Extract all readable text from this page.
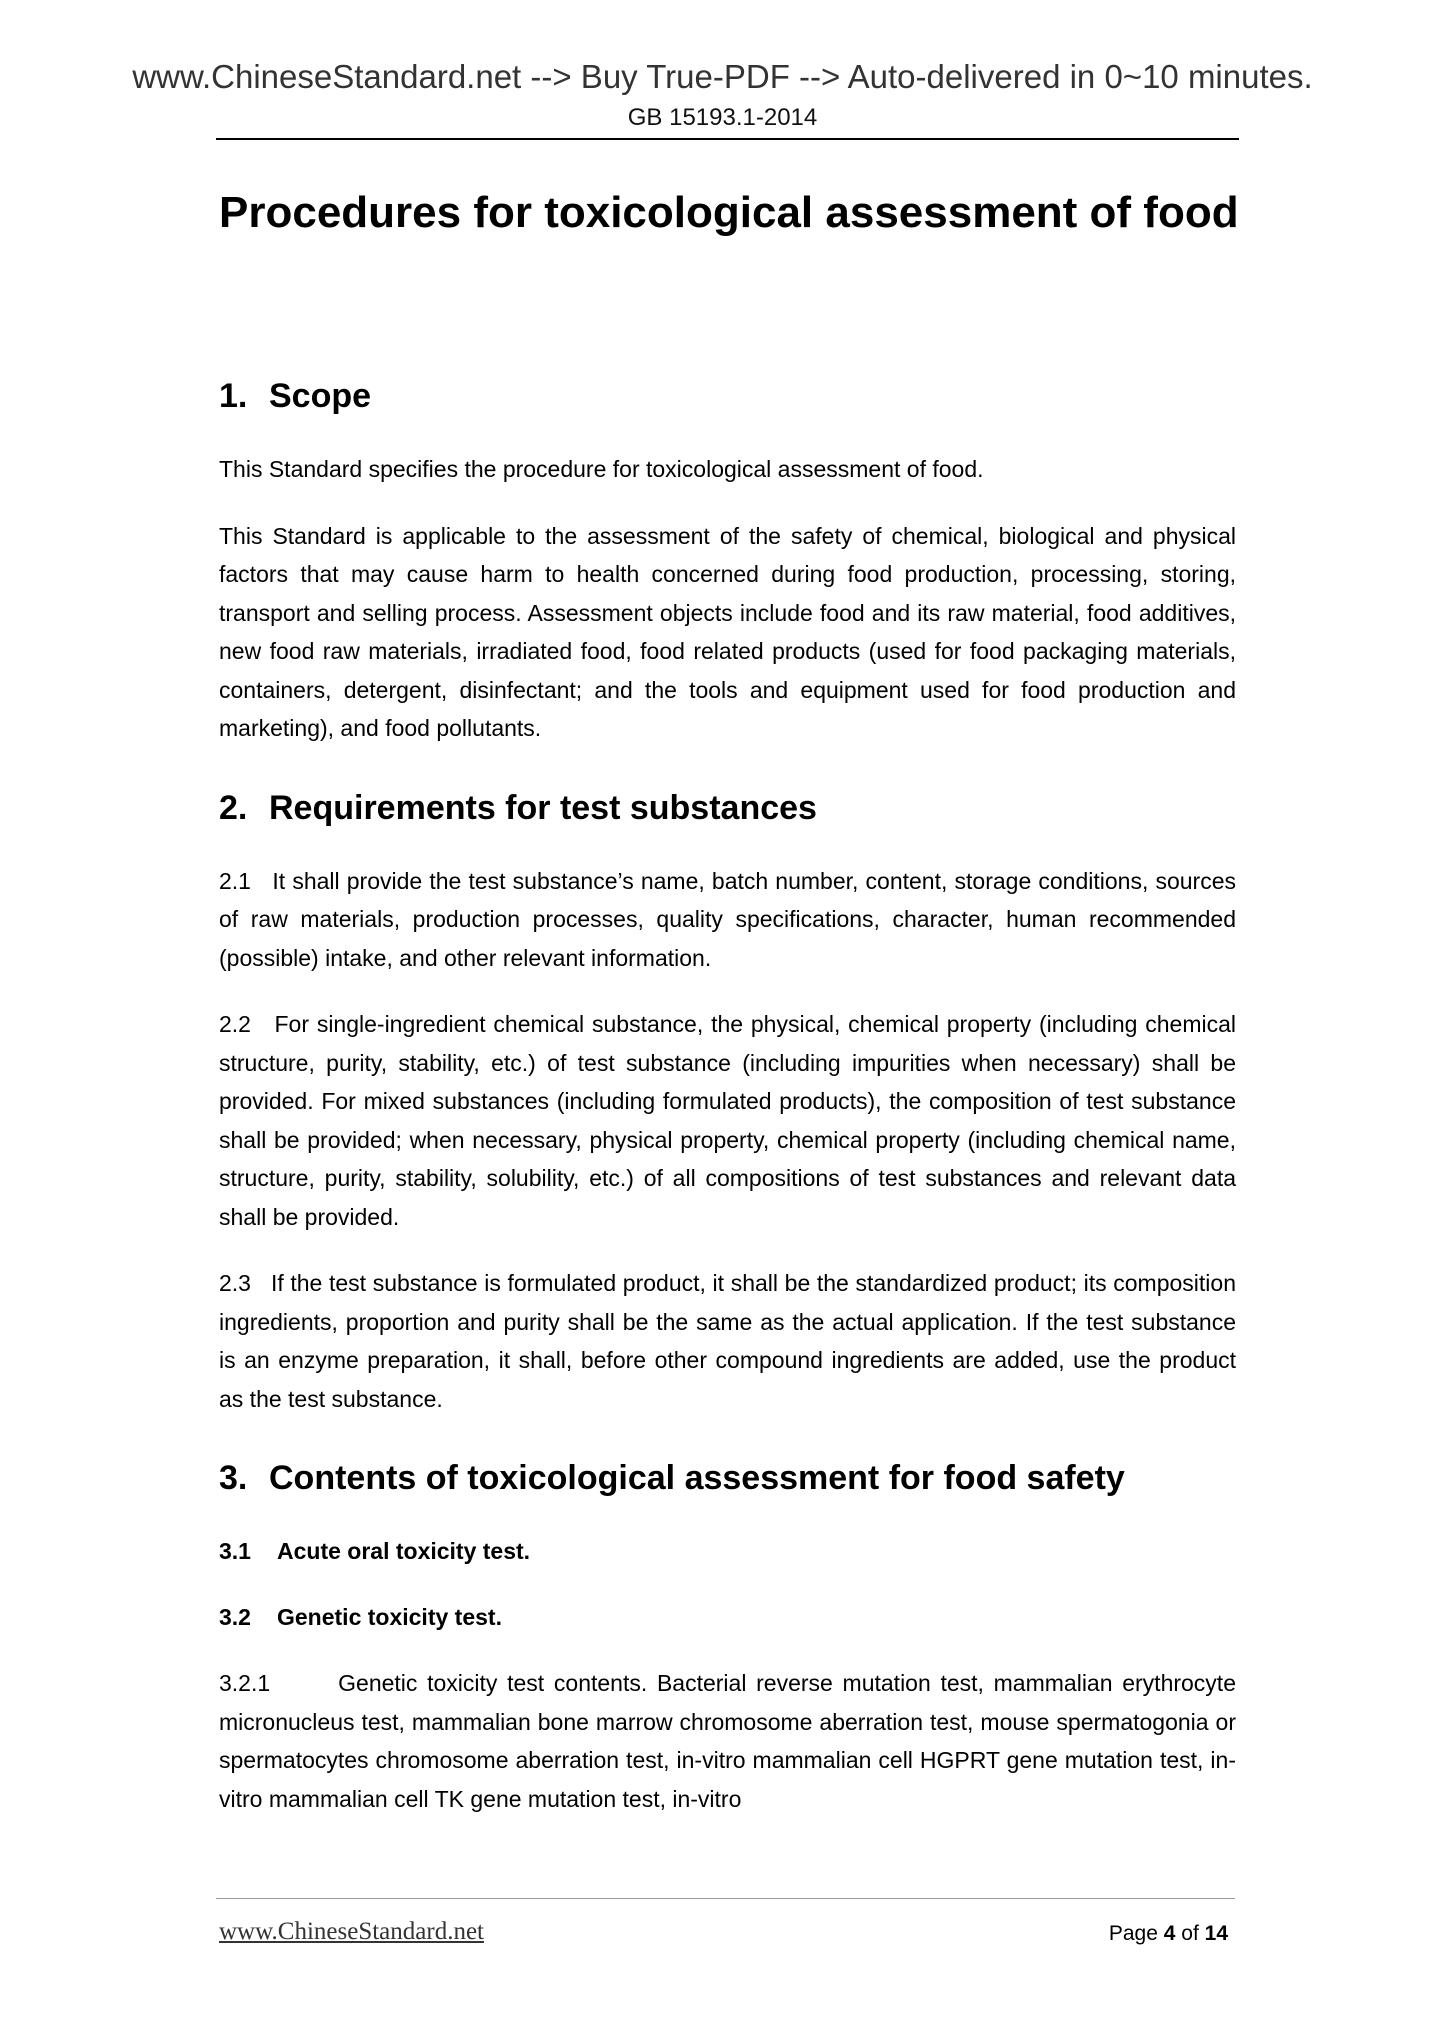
www.ChineseStandard.net --> Buy True-PDF --> Auto-delivered in 0~10 minutes.
GB 15193.1-2014
Procedures for toxicological assessment of food
1. Scope

This Standard specifies the procedure for toxicological assessment of food.

This Standard is applicable to the assessment of the safety of chemical, biological and physical factors that may cause harm to health concerned during food production, processing, storing, transport and selling process. Assessment objects include food and its raw material, food additives, new food raw materials, irradiated food, food related products (used for food packaging materials, containers, detergent, disinfectant; and the tools and equipment used for food production and marketing), and food pollutants.

2. Requirements for test substances

2.1 It shall provide the test substance’s name, batch number, content, storage conditions, sources of raw materials, production processes, quality specifications, character, human recommended (possible) intake, and other relevant information.

2.2 For single-ingredient chemical substance, the physical, chemical property (including chemical structure, purity, stability, etc.) of test substance (including impurities when necessary) shall be provided. For mixed substances (including formulated products), the composition of test substance shall be provided; when necessary, physical property, chemical property (including chemical name, structure, purity, stability, solubility, etc.) of all compositions of test substances and relevant data shall be provided.

2.3 If the test substance is formulated product, it shall be the standardized product; its composition ingredients, proportion and purity shall be the same as the actual application. If the test substance is an enzyme preparation, it shall, before other compound ingredients are added, use the product as the test substance.

3. Contents of toxicological assessment for food safety
3.1 Acute oral toxicity test.
3.2 Genetic toxicity test.

3.2.1	Genetic toxicity test contents. Bacterial reverse mutation test, mammalian erythrocyte micronucleus test, mammalian bone marrow chromosome aberration test, mouse spermatogonia or spermatocytes chromosome aberration test, in-vitro mammalian cell HGPRT gene mutation test, in-vitro mammalian cell TK gene mutation test, in-vitro

www.ChineseStandard.net	Page 4 of 14
